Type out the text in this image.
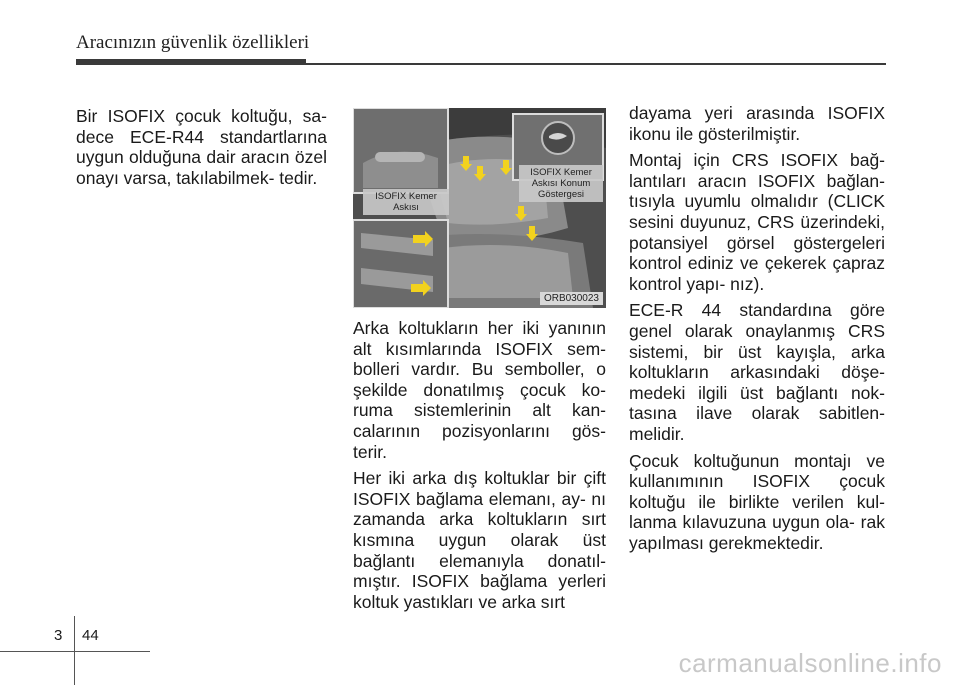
Aracınızın güvenlik özellikleri

Bir ISOFIX çocuk koltuğu, sa- dece ECE-R44 standartlarına uygun olduğuna dair aracın özel onayı varsa, takılabilmek- tedir.

ISOFIX Kemer Askısı
ISOFIX Kemer Askısı Konum Göstergesi
ORB030023

Arka koltukların her iki yanının alt kısımlarında ISOFIX sem- bolleri vardır. Bu semboller, o şekilde donatılmış çocuk ko- ruma sistemlerinin alt kan- calarının pozisyonlarını gös- terir.

Her iki arka dış koltuklar bir çift ISOFIX bağlama elemanı, ay- nı zamanda arka koltukların sırt kısmına uygun olarak üst bağlantı elemanıyla donatıl- mıştır. ISOFIX bağlama yerleri koltuk yastıkları ve arka sırt

dayama yeri arasında ISOFIX ikonu ile gösterilmiştir.

Montaj için CRS ISOFIX bağ- lantıları aracın ISOFIX bağlan- tısıyla uyumlu olmalıdır (CLICK sesini duyunuz, CRS üzerindeki, potansiyel görsel göstergeleri kontrol ediniz ve çekerek çapraz kontrol yapı- nız).

ECE-R 44 standardına göre genel olarak onaylanmış CRS sistemi, bir üst kayışla, arka koltukların arkasındaki döşe- medeki ilgili üst bağlantı nok- tasına ilave olarak sabitlen- melidir.

Çocuk koltuğunun montajı ve kullanımının ISOFIX çocuk koltuğu ile birlikte verilen kul- lanma kılavuzuna uygun ola- rak yapılması gerekmektedir.

3 44
carmanualsonline.info
